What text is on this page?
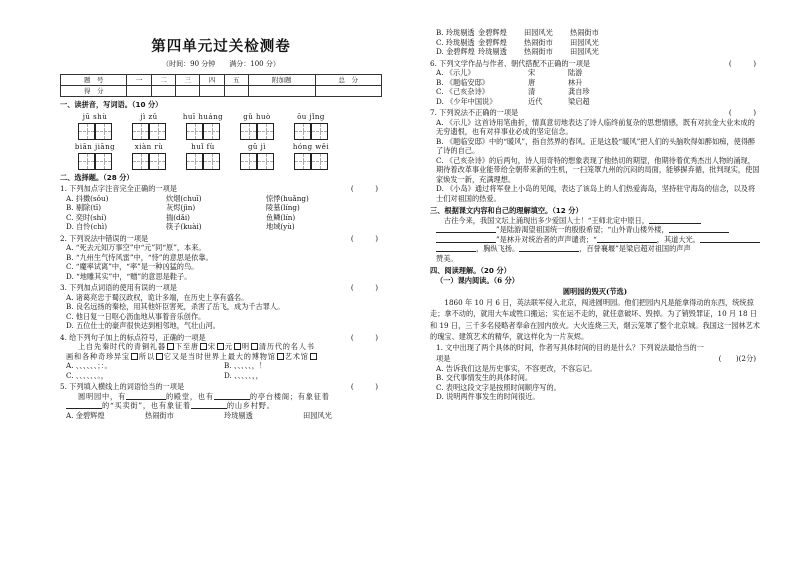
第四单元过关检测卷
（时间：90 分钟　　满分：100 分）
题　号	一	二	三	四	五	附加题	总　分
得　分							
一、读拼音，写词语。（10 分）
jū shù	jì zǔ	huī huáng	gǔ huò	ōu jǐng
biān jiāng	xiàn rù	huǐ fù	gū jì	hóng wěi
二、选择题。（28 分）
1. 下列加点字注音完全正确的一项是	(　　　)
A. 抖擞(sǒu)	炊烟(chuī)	惊悸(huǎng)
B. 剔除(tī)	灰烬(jìn)	陵墓(líng)
C. 奕时(shí)	揣(dǎi)	鱼鳞(lín)
D. 自怜(chì)	筷子(kuài)	地域(yù)
2. 下列说法中错误的一项是	(　　　)
A. “死去元知万事空”中“元”同“原”，本来。
B. “九州生气恃风雷”中，“恃”的意思是依靠。
C. “魔率试离”中，“率”是一种凶猛的鸟。
D. “地雕其实”中，“赠”的意思是鞋子。
3. 下列加点词语的使用有误的一项是	(　　　)
A. 诸葛亮忠于蜀汉政权，诡计多端，在历史上享有盛名。
B. 良名远扬的秦桧，用其他奸臣害死，杀害了岳飞，成为千古罪人。
C. 他日复一日呕心沥血地从事着音乐创作。
D. 五位仕士的豪声很快达到相邻地，气壮山河。
4. 给下列句子加上的标点符号，正确的一项是	(　　　)
上自先秦时代的青铜礼器 下至唐 宋 元 明 清历代的名人书
画和各种奇珍异宝 所以 它又是当时世界上最大的博物馆 艺术馆
A. 、、、、、、；：。	B. 、、、、、，！
C. 、、、、、、。，	D. 、、、、、，，
5. 下列填入横线上的词语恰当的一项是	(　　　)
圆明园中，有	的殿堂，也有	的亭台楼阁；有象征着
的“买卖街”，也有象征着	的山乡村野。
A. 金碧辉煌	热闹街市	玲珑剔透	田园风光
B. 玲珑剔透 金碧辉煌	田园风光	热闹街市
C. 玲珑剔透 金碧辉煌	热闹街市	田园风光
D. 金碧辉煌 玲珑剔透	热闹街市	田园风光
6. 下列文学作品与作者、朝代搭配不正确的一项是	(　　　)
A. 《示儿》	宋	陆游
B. 《题临安邸》	唐	林升
C. 《己亥杂诗》	清	龚自珍
D. 《少年中国说》	近代	梁启超
7. 下列说法不正确的一项是	(　　　)
A. 《示儿》这首诗用笔曲折，情真意切地表达了诗人临终前复杂的思想情感，既有对抗金大业未成的无穷遗恨，也有对祥事业必成的坚定信念。
B. 《题临安邸》中的“暖风”，指自然界的春风。正是这股“暖风”把人们的头脑吹得如醉如痴，使得醉了诗的自己。
C. 《己亥杂诗》的后两句，诗人用奇特的想象表现了他热切的期望，他期待着优秀杰出人物的涌现，期待着改革事业能带给全朝带来新的生机，一扫笼罩九州的沉闷的局面，能够摒弃循，批判现实，使国家焕发一新，充满理想。
D. 《小岛》通过将军登上小岛的见闻，表达了该岛上的人们热爱海岛，坚持驻守海岛的信念，以及将士们对祖国的热爱。
三、根据课文内容和自己的理解填空。（12 分）
古往今来，我国文坛上涌现出多少爱国人士！“王师北定中原日，
”是陆游渴望祖国统一的殷殷希望；“山外青山楼外楼，
”是林升对统治者的声声谴责；“	，其道大光。
，胸纵飞扬。	，百誉襄堰”是梁启超对祖国的声声
赞美。
四、阅读理解。（20 分）
（一）课内阅读。（6 分）
圆明园的毁灭(节选)
1860 年 10 月 6 日，英法联军侵入北京，闯进圆明园。他们把园内凡是能拿得动的东西，统统掠走；拿不动的，就用大车或牲口搬运；实在运不走的，就任意破坏、毁掉。为了销毁罪证，10 月 18 日和 19 日，三千多名侵略者奉命在园内放火。大火连烧三天，烟云笼罩了整个北京城。我国这一园林艺术的瑰宝、建筑艺术的精华，就这样化为一片灰烬。
1. 文中出现了两个具体的时间，作者写具体时间的目的是什么？下列说法最恰当的一
项是	(　　)(2分)
A. 告诉我们这是历史事实，不容更改，不容忘记。
B. 交代事情发生的具体时间。
C. 表明这段文字是按照时间顺序写的。
D. 说明两件事发生的时间很近。
